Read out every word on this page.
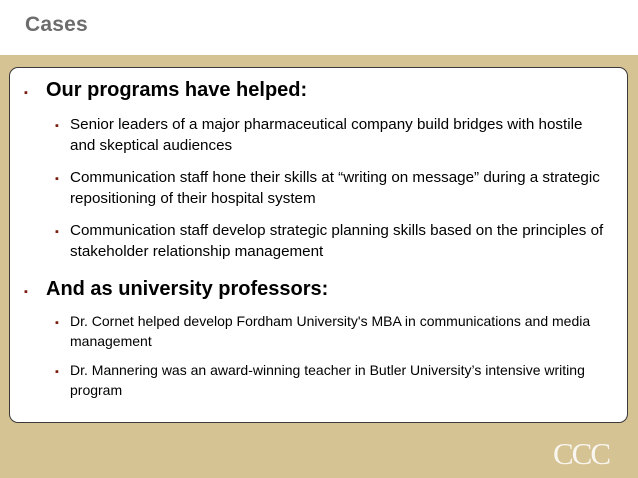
Cases
▪ Our programs have helped:
▪ Senior leaders of a major pharmaceutical company build bridges with hostile and skeptical audiences
▪ Communication staff hone their skills at “writing on message” during a strategic repositioning of their hospital system
▪ Communication staff develop strategic planning skills based on the principles of stakeholder relationship management
▪ And as university professors:
▪ Dr. Cornet helped develop Fordham University's MBA in communications and media management
▪ Dr. Mannering was an award-winning teacher in Butler University’s intensive writing program
CCC
